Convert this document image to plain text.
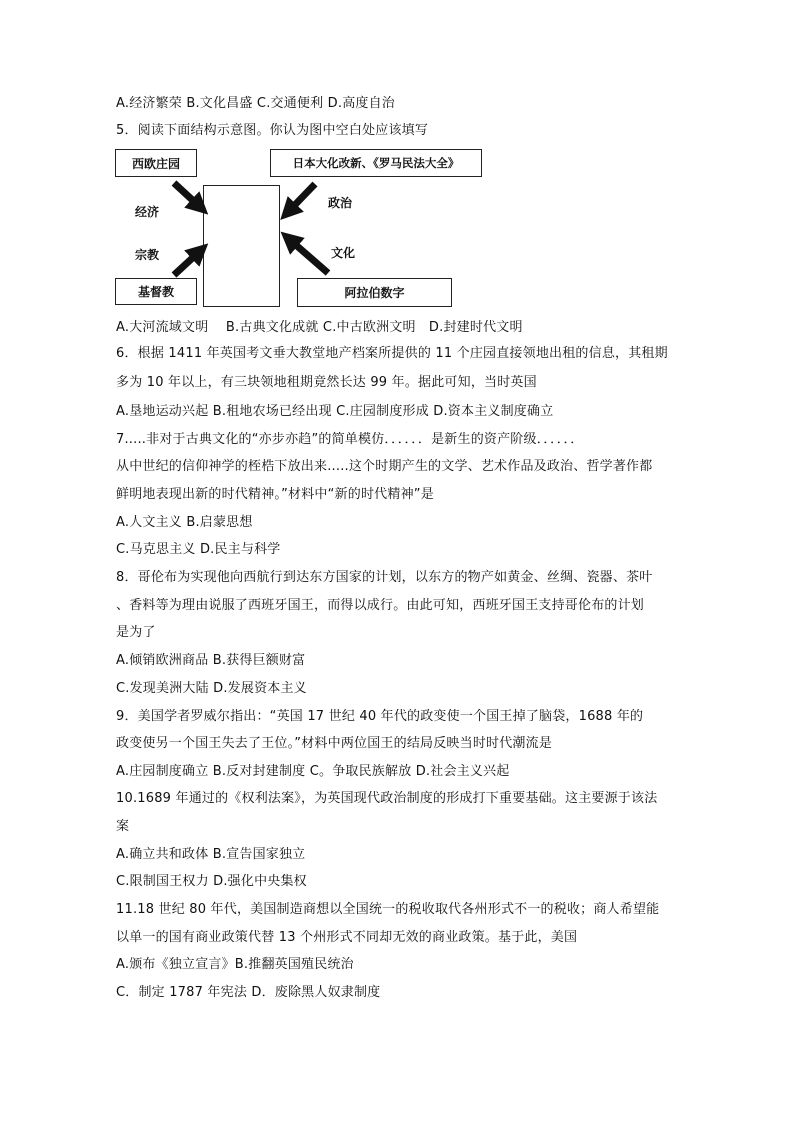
A.经济繁荣 B.文化昌盛 C.交通便利 D.高度自治
5．阅读下面结构示意图。你认为图中空白处应该填写
西欧庄园	日本大化改新、《罗马民法大全》
基督教	阿拉伯数字
经济
宗教
政治
文化
A.大河流域文明　 B.古典文化成就 C.中古欧洲文明　D.封建时代文明
6．根据 1411 年英国考文垂大教堂地产档案所提供的 11 个庄园直接领地出租的信息，其租期
多为 10 年以上，有三块领地租期竟然长达 99 年。据此可知，当时英国
A.垦地运动兴起 B.租地农场已经出现 C.庄园制度形成 D.资本主义制度确立
7.....非对于古典文化的“亦步亦趋”的简单模仿．．．．．．是新生的资产阶级．．．．．．
从中世纪的信仰神学的桎梏下放出来.....这个时期产生的文学、艺术作品及政治、哲学著作都
鲜明地表现出新的时代精神。”材料中“新的时代精神”是
A.人文主义 B.启蒙思想
C.马克思主义 D.民主与科学
8．哥伦布为实现他向西航行到达东方国家的计划，以东方的物产如黄金、丝绸、瓷器、茶叶
、香料等为理由说服了西班牙国王，而得以成行。由此可知，西班牙国王支持哥伦布的计划
是为了
A.倾销欧洲商品 B.获得巨额财富
C.发现美洲大陆 D.发展资本主义
9．美国学者罗威尔指出：“英国 17 世纪 40 年代的政变使一个国王掉了脑袋，1688 年的
政变使另一个国王失去了王位。”材料中两位国王的结局反映当时时代潮流是
A.庄园制度确立 B.反对封建制度 C。争取民族解放 D.社会主义兴起
10.1689 年通过的《权利法案》，为英国现代政治制度的形成打下重要基础。这主要源于该法
案
A.确立共和政体 B.宣告国家独立
C.限制国王权力 D.强化中央集权
11.18 世纪 80 年代，美国制造商想以全国统一的税收取代各州形式不一的税收；商人希望能
以单一的国有商业政策代替 13 个州形式不同却无效的商业政策。基于此，美国
A.颁布《独立宣言》B.推翻英国殖民统治
C．制定 1787 年宪法 D．废除黑人奴隶制度
